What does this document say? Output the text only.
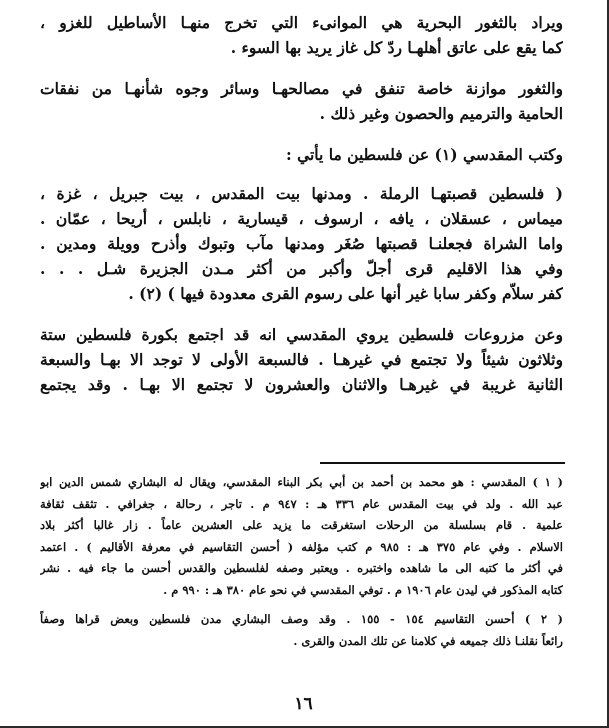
ويراد بالثغور البحرية هي الموانىء التي تخرج منهـا الأساطيل للغزو ،
كما يقع على عاتق أهلهـا ردّ كل غاز يريد بها السوء .
والثغور موازنة خاصة تنفق في مصالحهـا وسائر وجوه شأنهـا من نفقات
الحامية والترميم والحصون وغير ذلك .
وكتب المقدسي (١) عن فلسطين ما يأتي :
( فلسطين قصبتهـا الرملة . ومدنها بيت المقدس ، بيت جبريل ، غزة ،
ميماس ، عسقلان ، يافه ، ارسوف ، قيسارية ، نابلس ، أريحا ، عمّان .
واما الشراة فجعلنـا قصبتها صُغَر ومدنها مآب وتبوك وأذرح وويلة ومدين .
وفي هذا الاقليم قرى أجلّ وأكبر من أكثر مـدن الجزيرة شـل . . .
كفر سلاّم وكفر سابا غير أنها على رسوم القرى معدودة فيها ) (٢) .
وعن مزروعات فلسطين يروي المقدسي انه قد اجتمع بكورة فلسطين ستة
وثلاثون شيئاً ولا تجتمع في غيرهـا . فالسبعة الأولى لا توجد الا بهـا والسبعة
الثانية غريبة في غيرهـا والاثنان والعشرون لا تجتمع الا بهـا . وقد يجتمع
( ١ ) المقدسي : هو محمد بن أحمد بن أبي بكر البناء المقدسي، ويقال له البشاري شمس الدين ابو
عبد الله . ولد في بيت المقدس عام ٣٣٦ هـ : ٩٤٧ م . تاجر ، رحالة ، جغرافي . تثقف ثقافة
علمية . قام بسلسلة من الرحلات استغرقت ما يزيد على العشرين عاماً . زار غالبا أكثر بلاد
الاسلام . وفي عام ٣٧٥ هـ : ٩٨٥ م كتب مؤلفه ( أحسن التقاسيم في معرفة الأقاليم ) . اعتمد
في أكثر ما كتبه الى ما شاهده واختبره . ويعتبر وصفه لفلسطين والقدس أحسن ما جاء فيه . نشر
كتابه المذكور في ليدن عام ١٩٠٦ م . توفي المقدسي في نحو عام ٣٨٠ هـ : ٩٩٠ م .
( ٢ ) أحسن التقاسيم ١٥٤ - ١٥٥ . وقد وصف البشاري مدن فلسطين وبعض قراها وصفاً
رائعاً نقلنـا ذلك جميعه في كلامنا عن تلك المدن والقرى .
١٦
